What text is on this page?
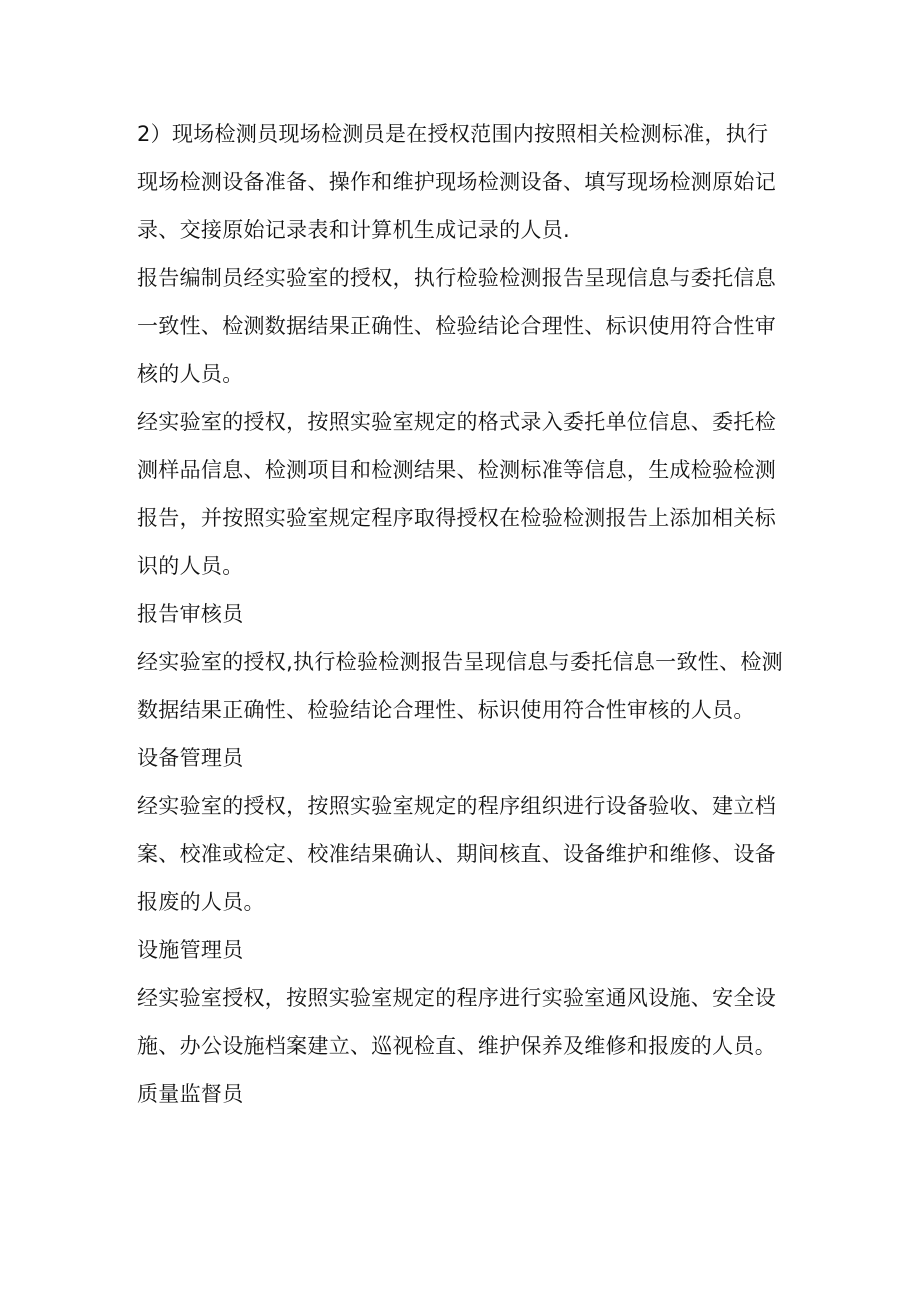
2）现场检测员现场检测员是在授权范围内按照相关检测标准，执行现场检测设备准备、操作和维护现场检测设备、填写现场检测原始记录、交接原始记录表和计算机生成记录的人员.

报告编制员经实验室的授权，执行检验检测报告呈现信息与委托信息一致性、检测数据结果正确性、检验结论合理性、标识使用符合性审核的人员。

经实验室的授权，按照实验室规定的格式录入委托单位信息、委托检测样品信息、检测项目和检测结果、检测标准等信息，生成检验检测报告，并按照实验室规定程序取得授权在检验检测报告上添加相关标识的人员。

报告审核员

经实验室的授权,执行检验检测报告呈现信息与委托信息一致性、检测数据结果正确性、检验结论合理性、标识使用符合性审核的人员。

设备管理员

经实验室的授权，按照实验室规定的程序组织进行设备验收、建立档案、校准或检定、校准结果确认、期间核直、设备维护和维修、设备报废的人员。

设施管理员

经实验室授权，按照实验室规定的程序进行实验室通风设施、安全设施、办公设施档案建立、巡视检直、维护保养及维修和报废的人员。

质量监督员
